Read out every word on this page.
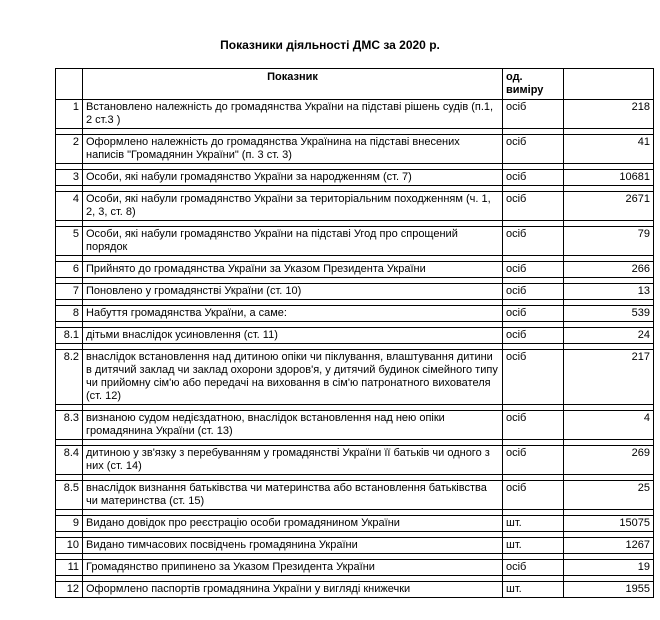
Показники діяльності ДМС за 2020 р.
	Показник	од. виміру	
1	Встановлено належність до громадянства України на підставі рішень судів (п.1, 2 ст.3 )	осіб	218

2	Оформлено належність до громадянства Українина на підставі внесених написів "Громадянин України" (п. 3 ст. 3)	осіб	41

3	Особи, які набули громадянство України за народженням (ст. 7)	осіб	10681

4	Особи, які набули громадянство України за територіальним походженням (ч. 1, 2, 3, ст. 8)	осіб	2671

5	Особи, які набули громадянство України на підставі Угод про спрощений порядок	осіб	79

6	Прийнято до громадянства України за Указом Президента України	осіб	266

7	Поновлено у громадянстві України (ст. 10)	осіб	13

8	Набуття громадянства України, а саме:	осіб	539

8.1	дітьми внаслідок усиновлення (ст. 11)	осіб	24

8.2	внаслідок встановлення над дитиною опіки чи піклування, влаштування дитини в дитячий заклад чи заклад охорони здоров'я, у дитячий будинок сімейного типу чи прийомну сім'ю або передачі на виховання в сім'ю патронатного вихователя (ст. 12)	осіб	217

8.3	визнаною судом недієздатною, внаслідок встановлення над нею опіки громадянина України (ст. 13)	осіб	4

8.4	дитиною у зв'язку з перебуванням у громадянстві України її батьків чи одного з них (ст. 14)	осіб	269

8.5	внаслідок визнання батьківства чи материнства або встановлення батьківства чи материнства (ст. 15)	осіб	25

9	Видано довідок про реєстрацію особи громадянином України	шт.	15075

10	Видано тимчасових посвідчень громадянина України	шт.	1267

11	Громадянство припинено за Указом Президента України	осіб	19

12	Оформлено паспортів громадянина України у вигляді книжечки	шт.	1955
